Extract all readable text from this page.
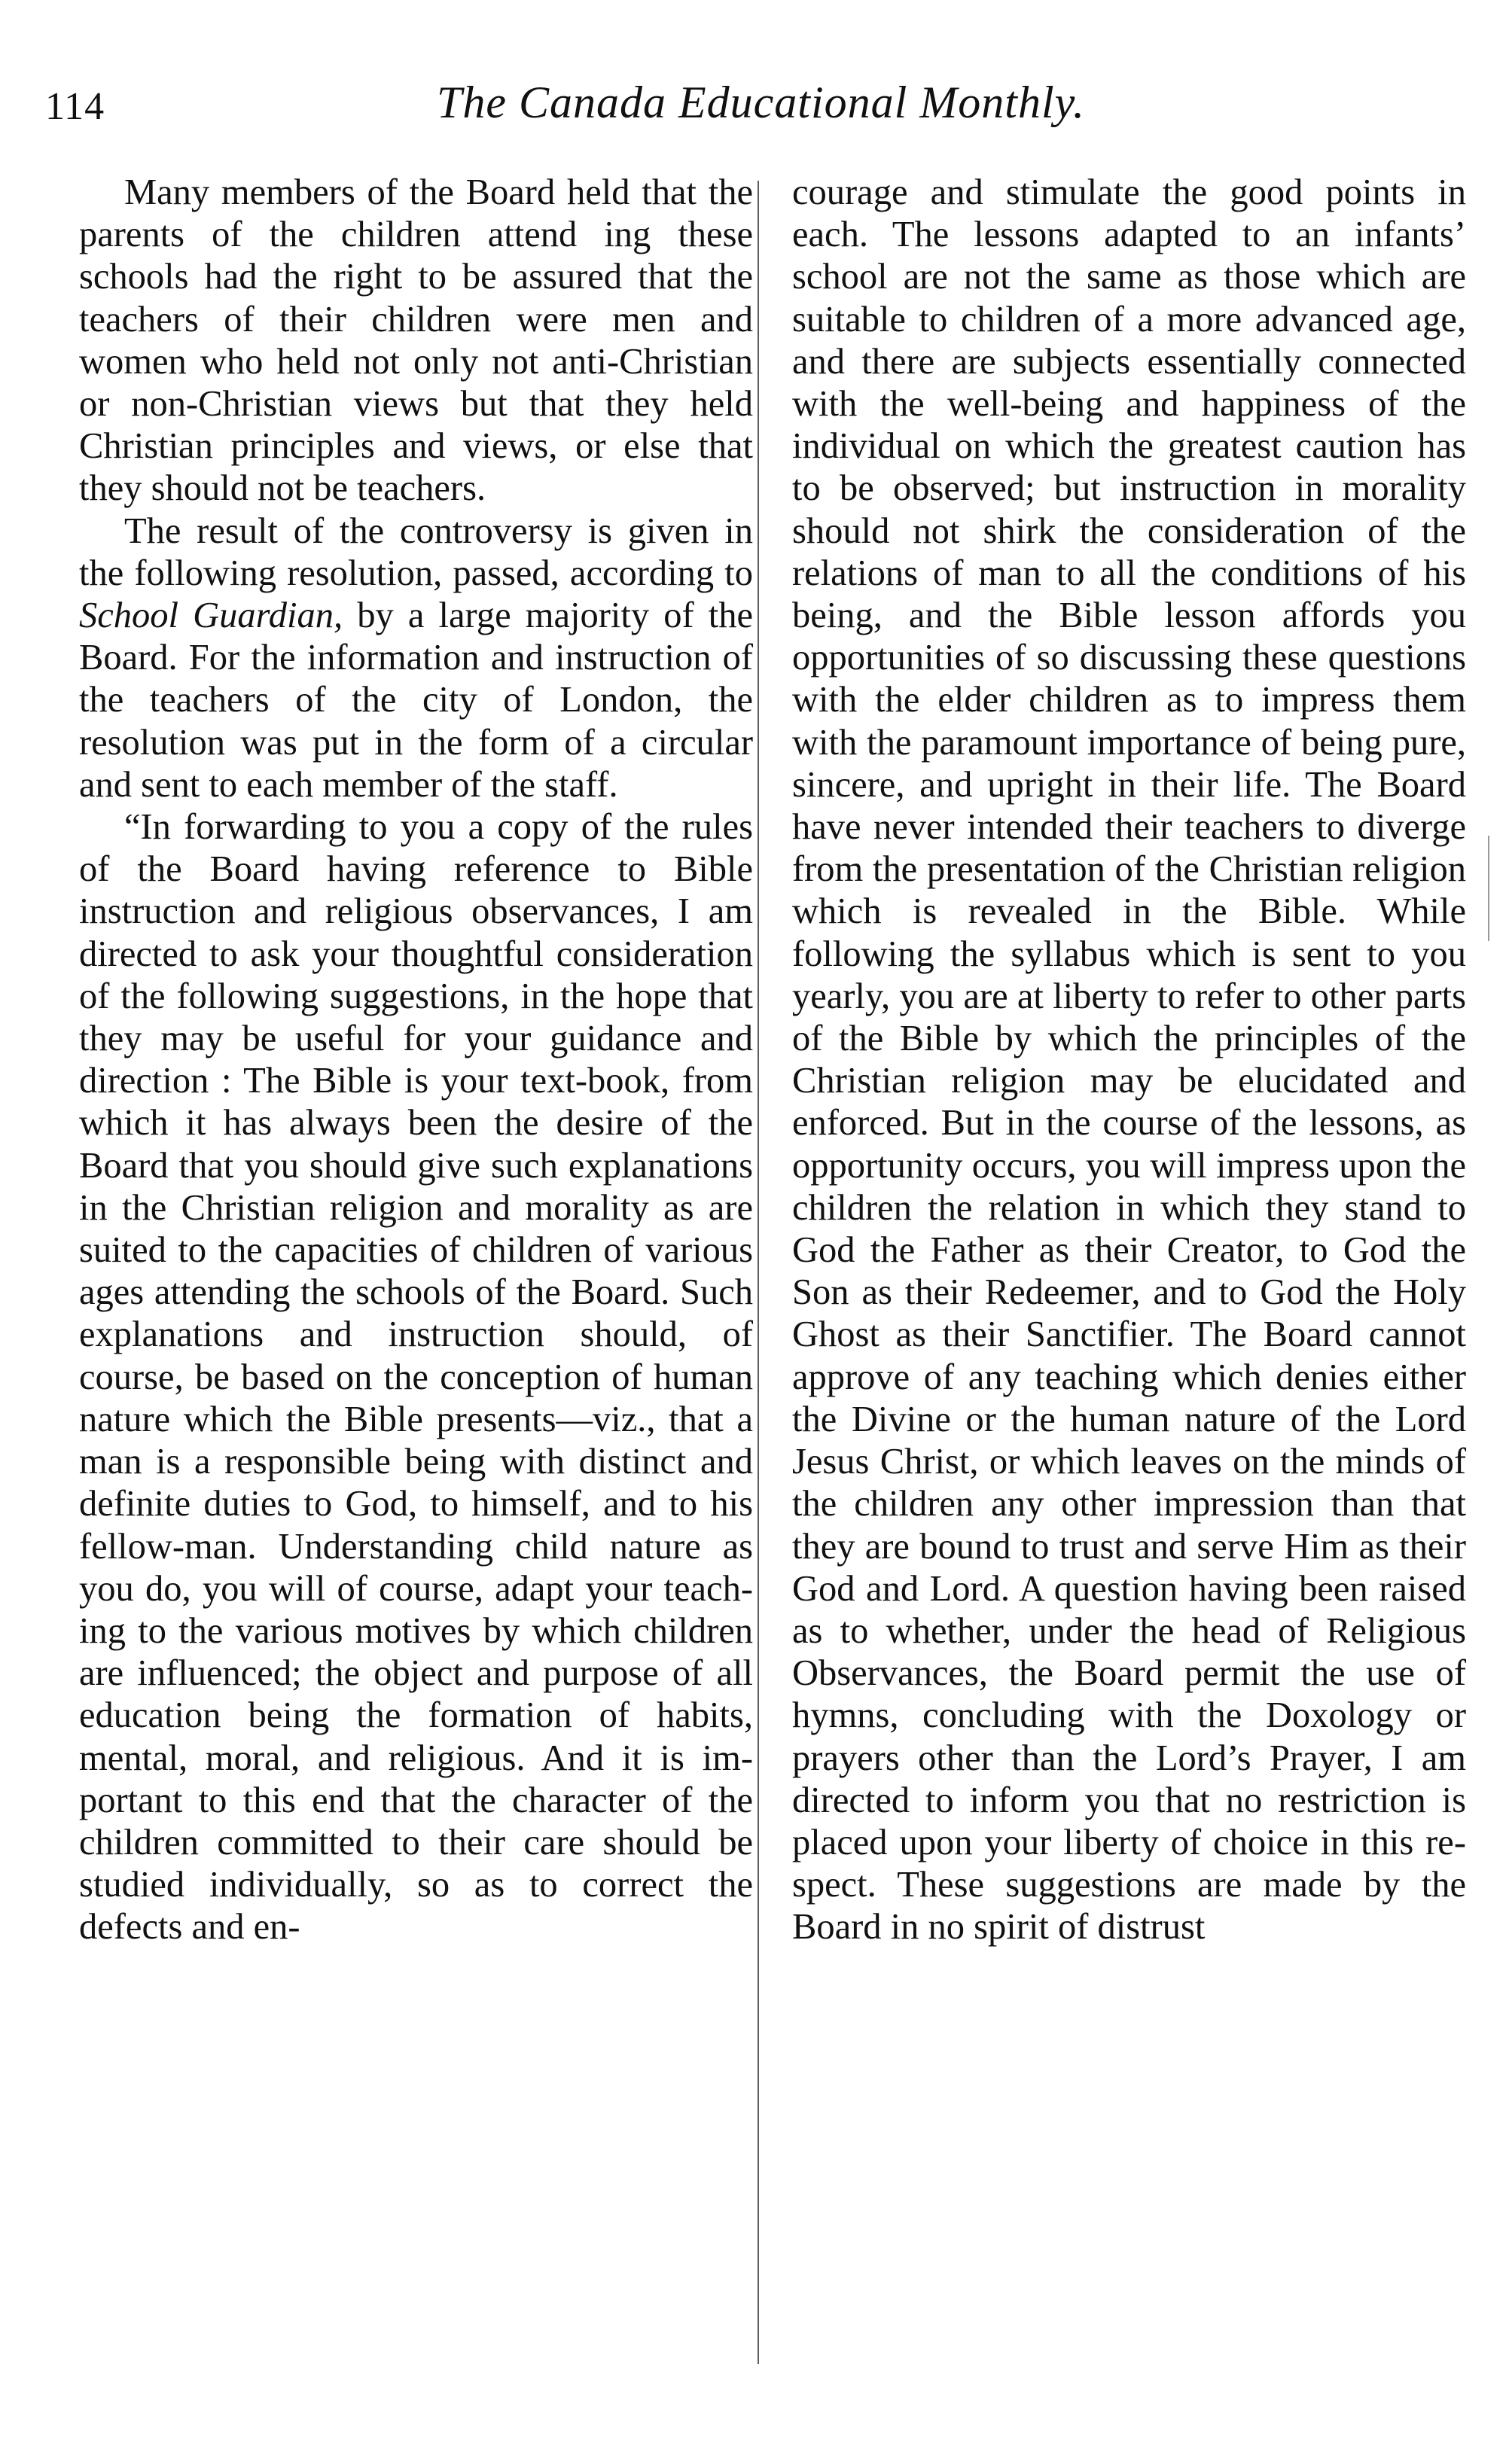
114	The Canada Educational Monthly.

Many members of the Board held that the parents of the children attend ing these schools had the right to be assured that the teachers of their children were men and women who held not only not anti-Christian or non-Christian views but that they held Christian principles and views, or else that they should not be teachers.

The result of the controversy is given in the following resolution, passed, according to School Guardian, by a large majority of the Board. For the information and instruction of the teachers of the city of London, the resolution was put in the form of a circular and sent to each member of the staff.

“In forwarding to you a copy of the rules of the Board having reference to Bible instruction and religious observances, I am directed to ask your thoughtful consideration of the following suggestions, in the hope that they may be useful for your guidance and direction : The Bible is your text-book, from which it has always been the desire of the Board that you should give such explanations in the Christian religion and morality as are suited to the capacities of children of various ages attending the schools of the Board. Such explanations and instruction should, of course, be based on the conception of human nature which the Bible presents—viz., that a man is a responsible being with distinct and definite duties to God, to himself, and to his fellow-man. Understanding child nature as you do, you will of course, adapt your teaching to the various motives by which children are influenced; the object and purpose of all education being the formation of habits, mental, moral, and religious. And it is important to this end that the character of the children committed to their care should be studied individually, so as to correct the defects and en-

courage and stimulate the good points in each. The lessons adapted to an infants’ school are not the same as those which are suitable to children of a more advanced age, and there are subjects essentially connected with the well-being and happiness of the individual on which the greatest caution has to be observed; but instruction in morality should not shirk the consideration of the relations of man to all the conditions of his being, and the Bible lesson affords you opportunities of so discussing these questions with the elder children as to impress them with the paramount importance of being pure, sincere, and upright in their life. The Board have never intended their teachers to diverge from the presentation of the Christian religion which is revealed in the Bible. While following the syllabus which is sent to you yearly, you are at liberty to refer to other parts of the Bible by which the principles of the Christian religion may be elucidated and enforced. But in the course of the lessons, as opportunity occurs, you will impress upon the children the relation in which they stand to God the Father as their Creator, to God the Son as their Redeemer, and to God the Holy Ghost as their Sanctifier. The Board cannot approve of any teaching which denies either the Divine or the human nature of the Lord Jesus Christ, or which leaves on the minds of the children any other impression than that they are bound to trust and serve Him as their God and Lord. A question having been raised as to whether, under the head of Religious Observances, the Board permit the use of hymns, concluding with the Doxology or prayers other than the Lord’s Prayer, I am directed to inform you that no restriction is placed upon your liberty of choice in this respect. These suggestions are made by the Board in no spirit of distrust
